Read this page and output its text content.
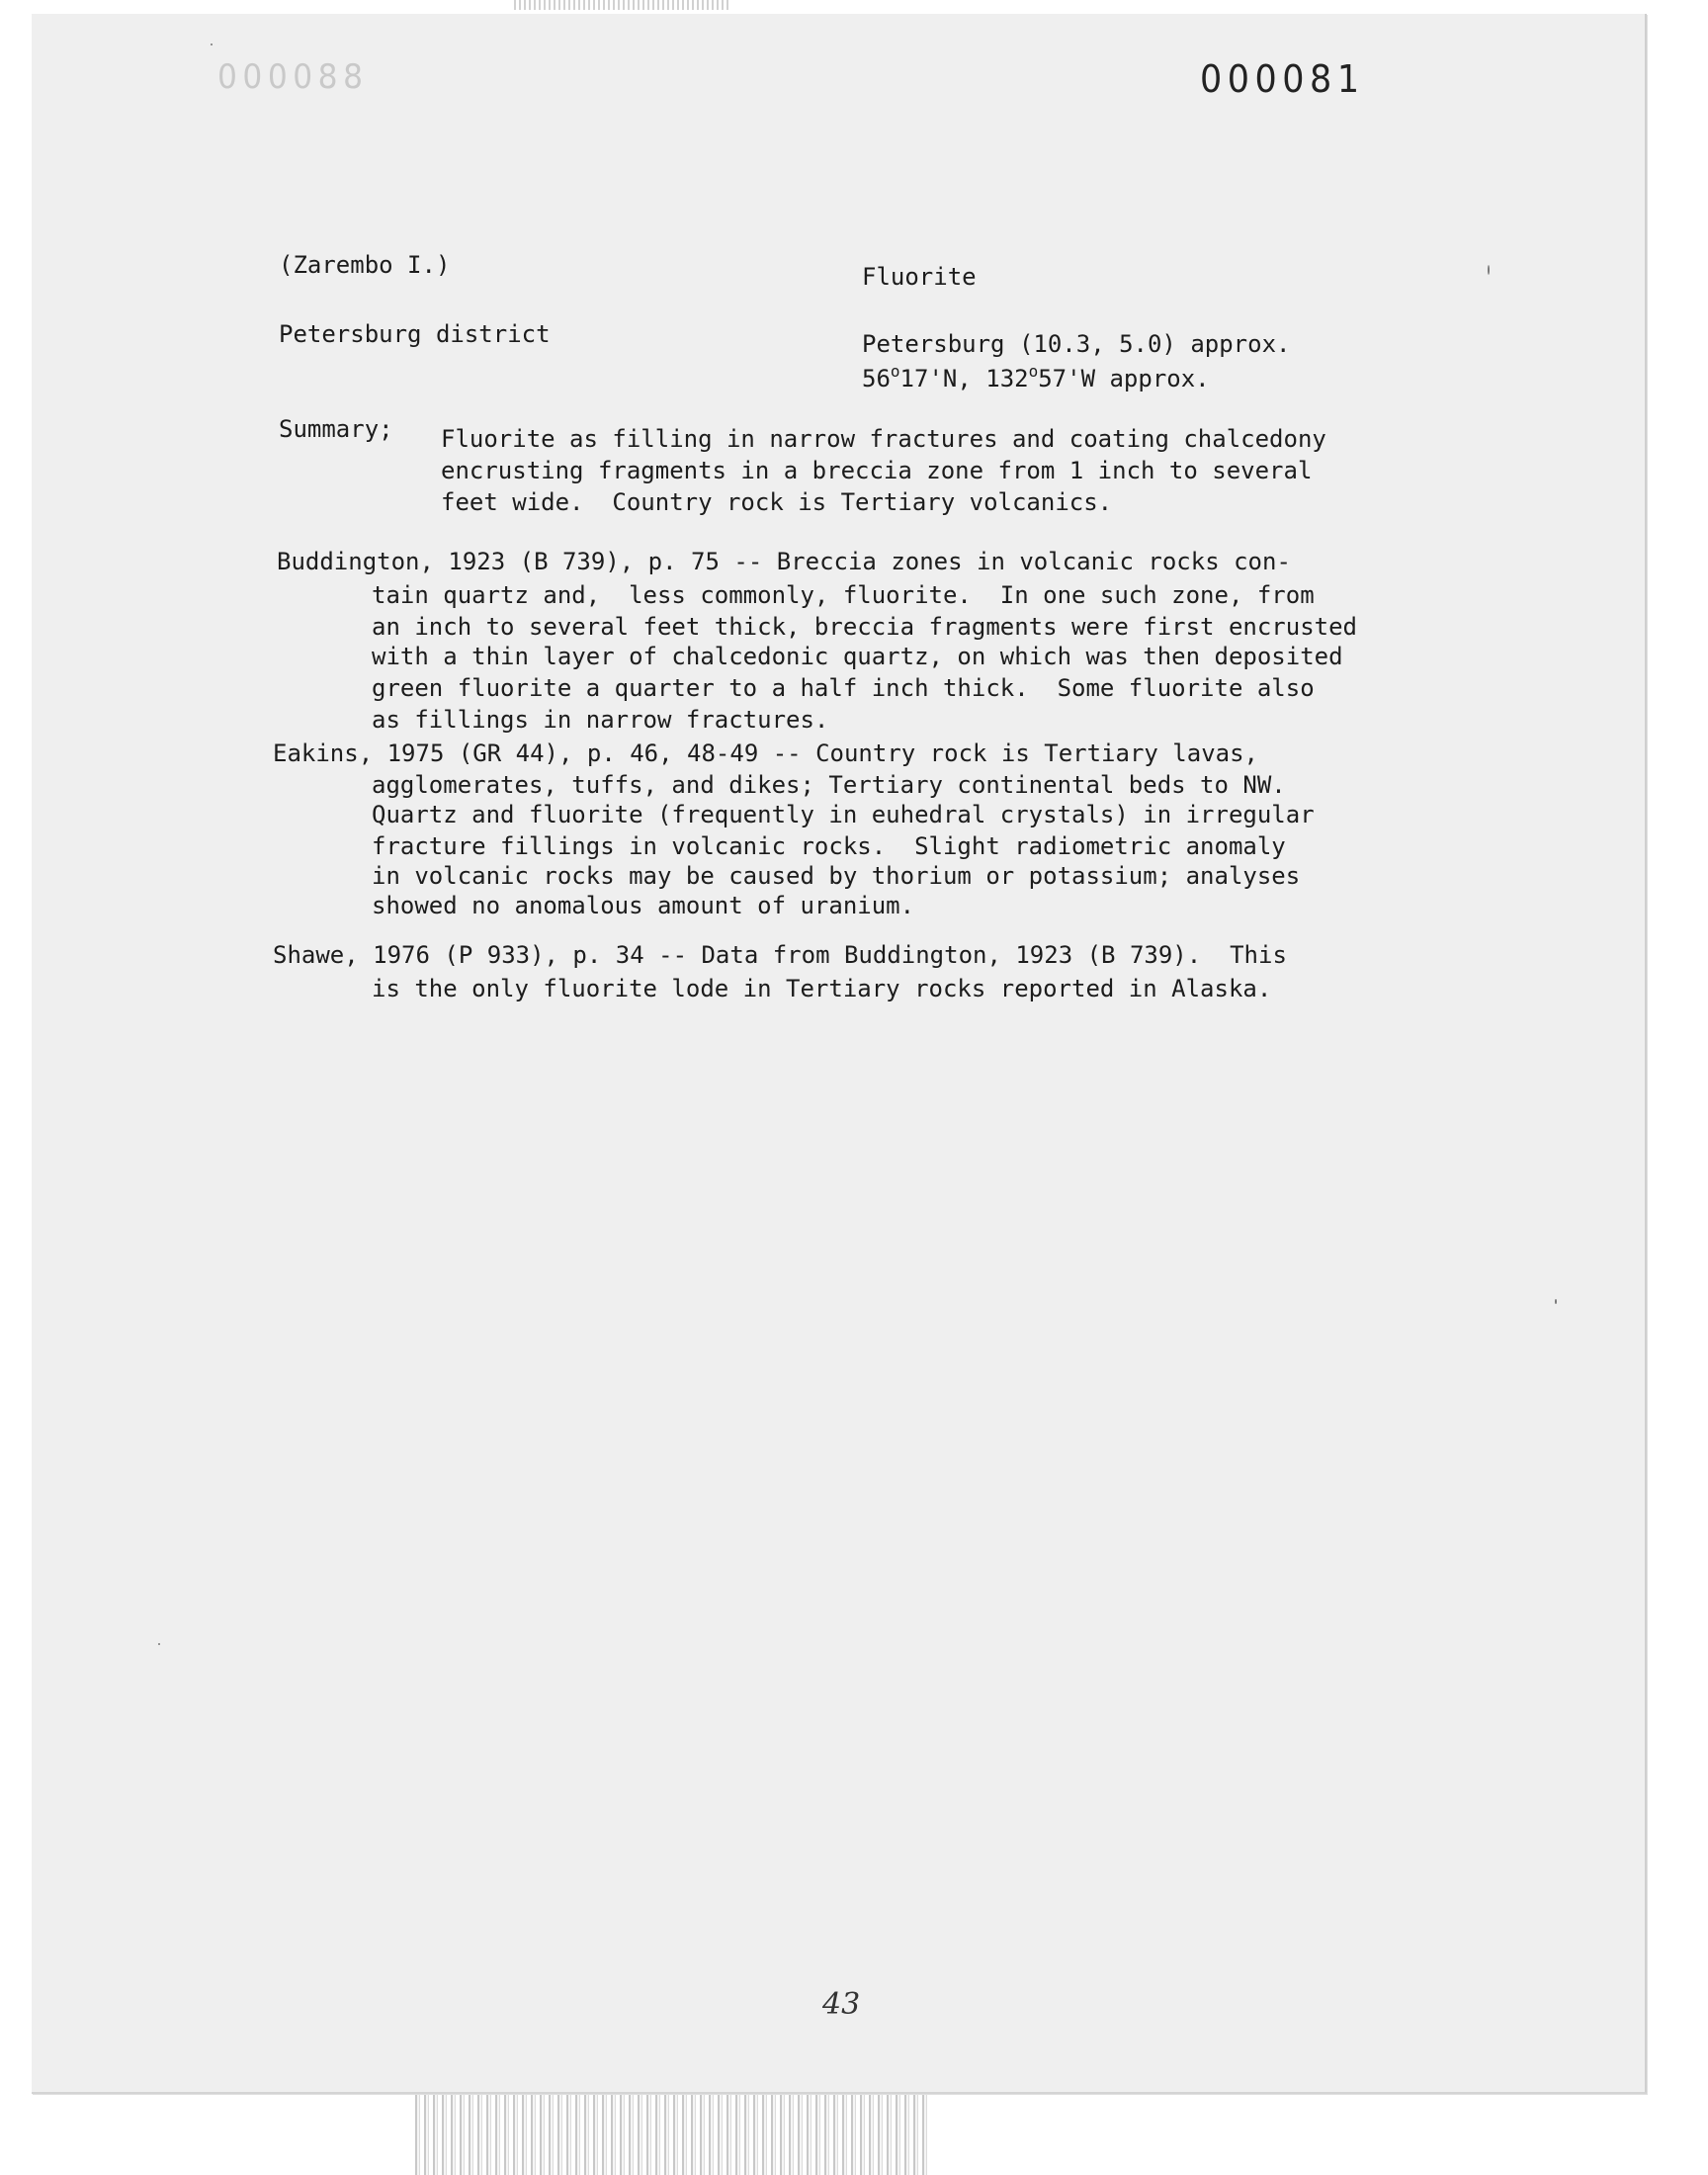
000088	000081
(Zarembo I.)	Fluorite
Petersburg district	Petersburg (10.3, 5.0) approx.
56$^o$17'N, 132$^o$57'W approx.
Summary; Fluorite as filling in narrow fractures and coating chalcedony
encrusting fragments in a breccia zone from 1 inch to several
feet wide.  Country rock is Tertiary volcanics.
Buddington, 1923 (B 739), p. 75 -- Breccia zones in volcanic rocks con-
tain quartz and,  less commonly, fluorite.  In one such zone, from
an inch to several feet thick, breccia fragments were first encrusted
with a thin layer of chalcedonic quartz, on which was then deposited
green fluorite a quarter to a half inch thick.  Some fluorite also
as fillings in narrow fractures.
Eakins, 1975 (GR 44), p. 46, 48-49 -- Country rock is Tertiary lavas,
agglomerates, tuffs, and dikes; Tertiary continental beds to NW.
Quartz and fluorite (frequently in euhedral crystals) in irregular
fracture fillings in volcanic rocks.  Slight radiometric anomaly
in volcanic rocks may be caused by thorium or potassium; analyses
showed no anomalous amount of uranium.
Shawe, 1976 (P 933), p. 34 -- Data from Buddington, 1923 (B 739).  This
is the only fluorite lode in Tertiary rocks reported in Alaska.
43
